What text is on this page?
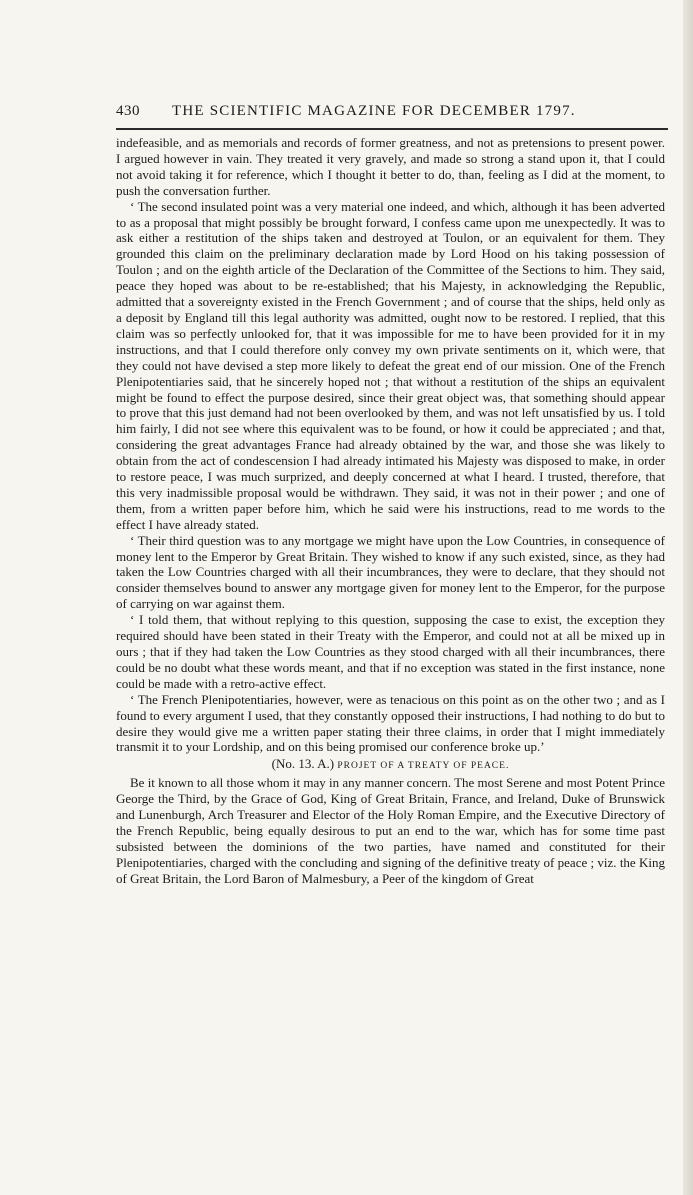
430 THE SCIENTIFIC MAGAZINE FOR DECEMBER 1797.

indefeasible, and as memorials and records of former greatness, and not as pretensions to present power. I argued however in vain. They treated it very gravely, and made so strong a stand upon it, that I could not avoid taking it for reference, which I thought it better to do, than, feeling as I did at the moment, to push the conversation further.

‘ The second insulated point was a very material one indeed, and which, although it has been adverted to as a proposal that might possibly be brought forward, I confess came upon me unexpectedly. It was to ask either a restitution of the ships taken and destroyed at Toulon, or an equivalent for them. They grounded this claim on the preliminary declaration made by Lord Hood on his taking possession of Toulon ; and on the eighth article of the Declaration of the Committee of the Sections to him. They said, peace they hoped was about to be re-established; that his Majesty, in acknowledging the Republic, admitted that a sovereignty existed in the French Government ; and of course that the ships, held only as a deposit by England till this legal authority was admitted, ought now to be restored. I replied, that this claim was so perfectly unlooked for, that it was impossible for me to have been provided for it in my instructions, and that I could therefore only convey my own private sentiments on it, which were, that they could not have devised a step more likely to defeat the great end of our mission. One of the French Plenipotentiaries said, that he sincerely hoped not ; that without a restitution of the ships an equivalent might be found to effect the purpose desired, since their great object was, that something should appear to prove that this just demand had not been overlooked by them, and was not left unsatisfied by us. I told him fairly, I did not see where this equivalent was to be found, or how it could be appreciated ; and that, considering the great advantages France had already obtained by the war, and those she was likely to obtain from the act of condescension I had already intimated his Majesty was disposed to make, in order to restore peace, I was much surprized, and deeply concerned at what I heard. I trusted, therefore, that this very inadmissible proposal would be withdrawn. They said, it was not in their power ; and one of them, from a written paper before him, which he said were his instructions, read to me words to the effect I have already stated.

‘ Their third question was to any mortgage we might have upon the Low Countries, in consequence of money lent to the Emperor by Great Britain. They wished to know if any such existed, since, as they had taken the Low Countries charged with all their incumbrances, they were to declare, that they should not consider themselves bound to answer any mortgage given for money lent to the Emperor, for the purpose of carrying on war against them.

‘ I told them, that without replying to this question, supposing the case to exist, the exception they required should have been stated in their Treaty with the Emperor, and could not at all be mixed up in ours ; that if they had taken the Low Countries as they stood charged with all their incumbrances, there could be no doubt what these words meant, and that if no exception was stated in the first instance, none could be made with a retro-active effect.

‘ The French Plenipotentiaries, however, were as tenacious on this point as on the other two ; and as I found to every argument I used, that they constantly opposed their instructions, I had nothing to do but to desire they would give me a written paper stating their three claims, in order that I might immediately transmit it to your Lordship, and on this being promised our conference broke up.’

(No. 13. A.) PROJET OF A TREATY OF PEACE.

Be it known to all those whom it may in any manner concern. The most Serene and most Potent Prince George the Third, by the Grace of God, King of Great Britain, France, and Ireland, Duke of Brunswick and Lunenburgh, Arch Treasurer and Elector of the Holy Roman Empire, and the Executive Directory of the French Republic, being equally desirous to put an end to the war, which has for some time past subsisted between the dominions of the two parties, have named and constituted for their Plenipotentiaries, charged with the concluding and signing of the definitive treaty of peace ; viz. the King of Great Britain, the Lord Baron of Malmesbury, a Peer of the kingdom of Great
